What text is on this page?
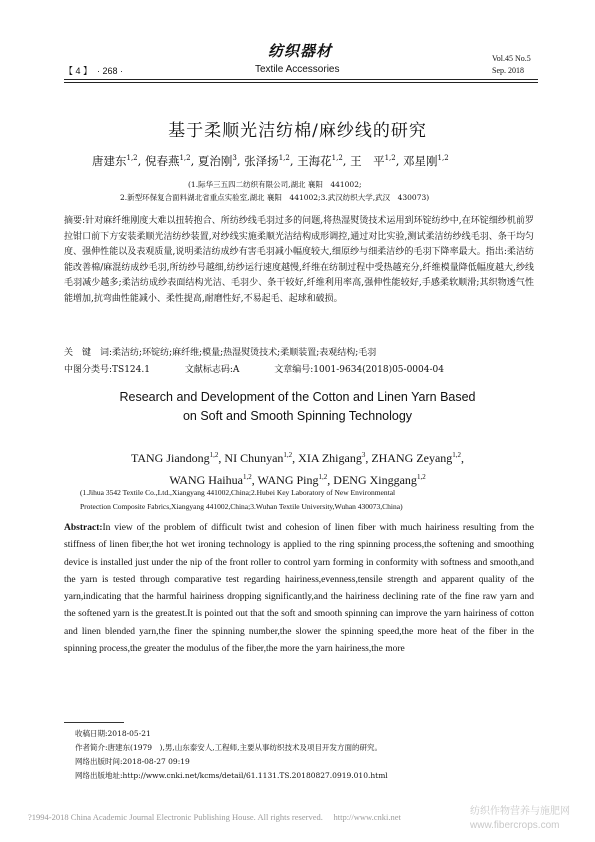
【 4 】 · 268 ·
纺织器材
Textile Accessories
Vol.45 No.5
Sep. 2018
基于柔顺光洁纺棉/麻纱线的研究
唐建东$^{1,2}$, 倪春燕$^{1,2}$, 夏治刚$^3$, 张泽扬$^{1,2}$, 王海花$^{1,2}$, 王　平$^{1,2}$, 邓星刚$^{1,2}$
(1.际华三五四二纺织有限公司,湖北 襄阳　441002;
2.新型环保复合面料湖北省重点实验室,湖北 襄阳　441002;3.武汉纺织大学,武汉　430073)
摘要:针对麻纤维刚度大难以扭转抱合、所纺纱线毛羽过多的问题,将热湿熨烫技术运用到环锭纺纱中,在环锭细纱机前罗拉钳口前下方安装柔顺光洁纺纱装置,对纱线实施柔顺光洁结构成形调控,通过对比实验,测试柔洁纺纱线毛羽、条干均匀度、强伸性能以及表观质量,说明柔洁纺成纱有害毛羽减小幅度较大,细原纱与细柔洁纱的毛羽下降率最大。指出:柔洁纺能改善棉/麻混纺成纱毛羽,所纺纱号越细,纺纱运行速度越慢,纤维在纺制过程中受热越充分,纤维模量降低幅度越大,纱线毛羽减少越多;柔洁纺成纱表面结构光洁、毛羽少、条干较好,纤维利用率高,强伸性能较好,手感柔软顺滑;其织物透气性能增加,抗弯曲性能减小、柔性提高,耐磨性好,不易起毛、起球和破损。
关　键　词:柔洁纺;环锭纺;麻纤维;模量;热湿熨烫技术;柔顺装置;表观结构;毛羽
中图分类号:TS124.1	文献标志码:A	文章编号:1001-9634(2018)05-0004-04
Research and Development of the Cotton and Linen Yarn Based
on Soft and Smooth Spinning Technology
TANG Jiandong$^{1,2}$, NI Chunyan$^{1,2}$, XIA Zhigang$^3$, ZHANG Zeyang$^{1,2}$,
WANG Haihua$^{1,2}$, WANG Ping$^{1,2}$, DENG Xinggang$^{1,2}$
(1.Jihua 3542 Textile Co.,Ltd.,Xiangyang 441002,China;2.Hubei Key Laboratory of New Environmental
Protection Composite Fabrics,Xiangyang 441002,China;3.Wuhan Textile University,Wuhan 430073,China)
Abstract:In view of the problem of difficult twist and cohesion of linen fiber with much hairiness resulting from the stiffness of linen fiber,the hot wet ironing technology is applied to the ring spinning process,the softening and smoothing device is installed just under the nip of the front roller to control yarn forming in conformity with softness and smooth,and the yarn is tested through comparative test regarding hairiness,evenness,tensile strength and apparent quality of the yarn,indicating that the harmful hairiness dropping significantly,and the hairiness declining rate of the fine raw yarn and the softened yarn is the greatest.It is pointed out that the soft and smooth spinning can improve the yarn hairiness of cotton and linen blended yarn,the finer the spinning number,the slower the spinning speed,the more heat of the fiber in the spinning process,the greater the modulus of the fiber,the more the yarn hairiness,the more
收稿日期:2018-05-21
作者简介:唐建东(1979　),男,山东泰安人,工程师,主要从事纺织技术及项目开发方面的研究。
网络出版时间:2018-08-27 09:19
网络出版地址:http://www.cnki.net/kcms/detail/61.1131.TS.20180827.0919.010.html
?1994-2018 China Academic Journal Electronic Publishing House. All rights reserved. http://www.cnki.net	纺织作物营养与施肥网
www.fibercrops.com
